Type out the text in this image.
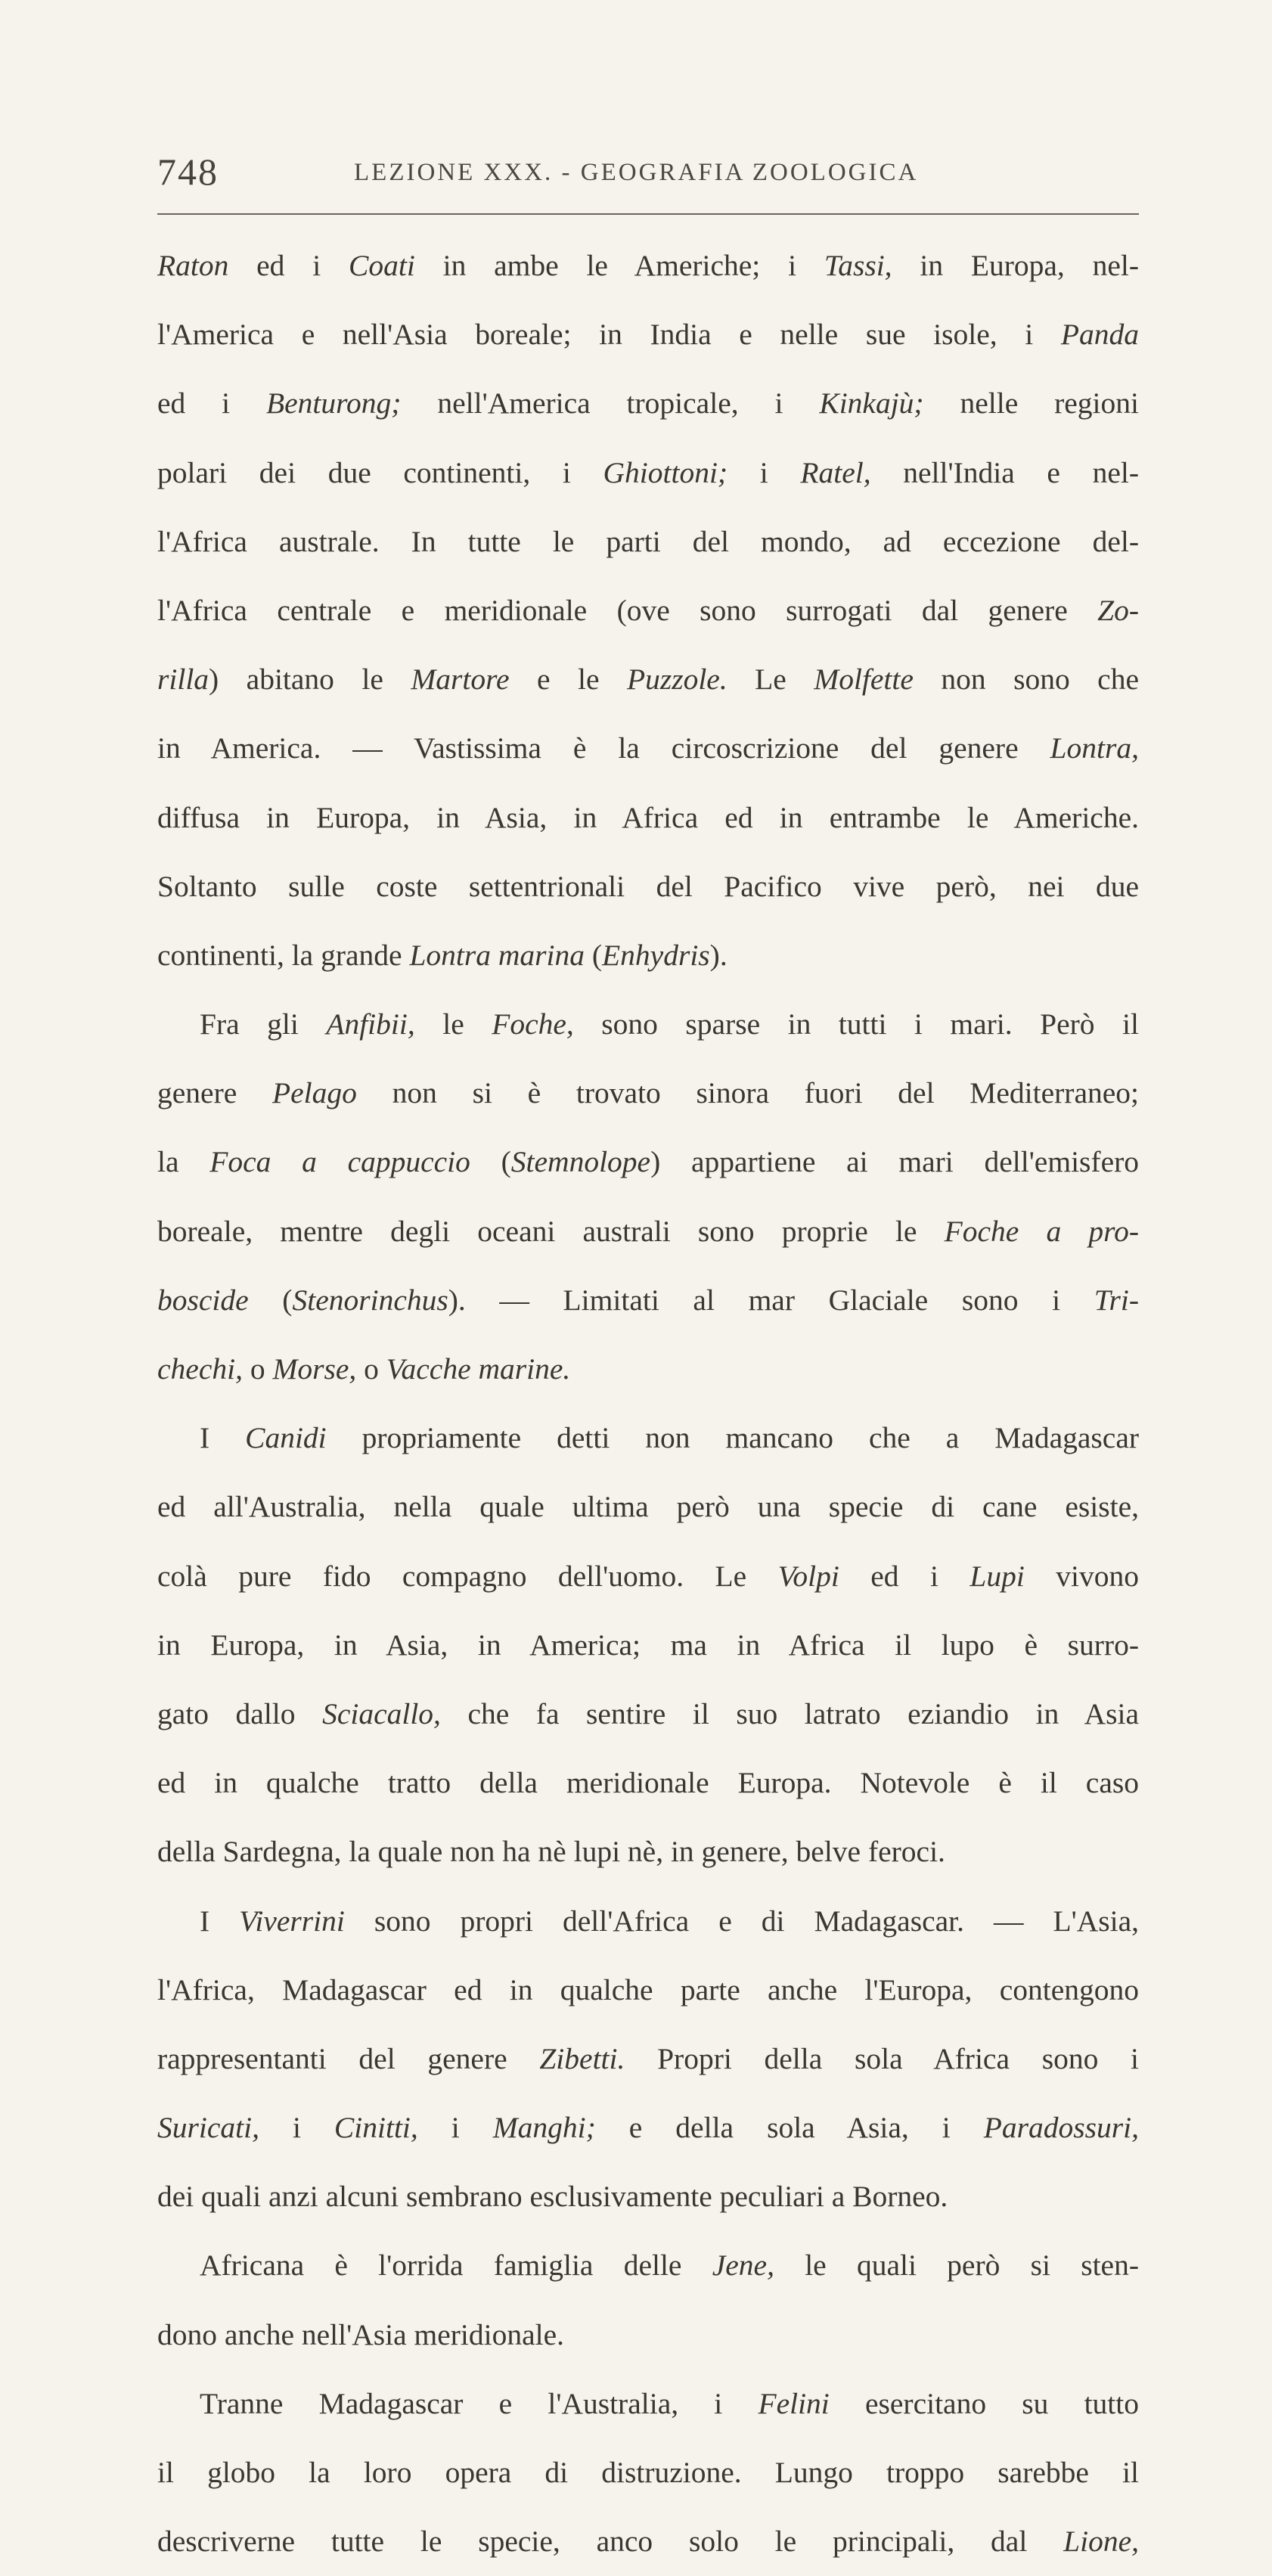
748	LEZIONE XXX. - GEOGRAFIA ZOOLOGICA
Raton ed i Coati in ambe le Americhe; i Tassi, in Europa, nel-
l'America e nell'Asia boreale; in India e nelle sue isole, i Panda
ed i Benturong; nell'America tropicale, i Kinkajù; nelle regioni
polari dei due continenti, i Ghiottoni; i Ratel, nell'India e nel-
l'Africa australe. In tutte le parti del mondo, ad eccezione del-
l'Africa centrale e meridionale (ove sono surrogati dal genere Zo-
rilla) abitano le Martore e le Puzzole. Le Molfette non sono che
in America. — Vastissima è la circoscrizione del genere Lontra,
diffusa in Europa, in Asia, in Africa ed in entrambe le Americhe.
Soltanto sulle coste settentrionali del Pacifico vive però, nei due
continenti, la grande Lontra marina (Enhydris).
Fra gli Anfibii, le Foche, sono sparse in tutti i mari. Però il
genere Pelago non si è trovato sinora fuori del Mediterraneo;
la Foca a cappuccio (Stemnolope) appartiene ai mari dell'emisfero
boreale, mentre degli oceani australi sono proprie le Foche a pro-
boscide (Stenorinchus). — Limitati al mar Glaciale sono i Tri-
chechi, o Morse, o Vacche marine.
I Canidi propriamente detti non mancano che a Madagascar
ed all'Australia, nella quale ultima però una specie di cane esiste,
colà pure fido compagno dell'uomo. Le Volpi ed i Lupi vivono
in Europa, in Asia, in America; ma in Africa il lupo è surro-
gato dallo Sciacallo, che fa sentire il suo latrato eziandio in Asia
ed in qualche tratto della meridionale Europa. Notevole è il caso
della Sardegna, la quale non ha nè lupi nè, in genere, belve feroci.
I Viverrini sono propri dell'Africa e di Madagascar. — L'Asia,
l'Africa, Madagascar ed in qualche parte anche l'Europa, contengono
rappresentanti del genere Zibetti. Propri della sola Africa sono i
Suricati, i Cinitti, i Manghi; e della sola Asia, i Paradossuri,
dei quali anzi alcuni sembrano esclusivamente peculiari a Borneo.
Africana è l'orrida famiglia delle Jene, le quali però si sten-
dono anche nell'Asia meridionale.
Tranne Madagascar e l'Australia, i Felini esercitano su tutto
il globo la loro opera di distruzione. Lungo troppo sarebbe il
descriverne tutte le specie, anco solo le principali, dal Lione,
